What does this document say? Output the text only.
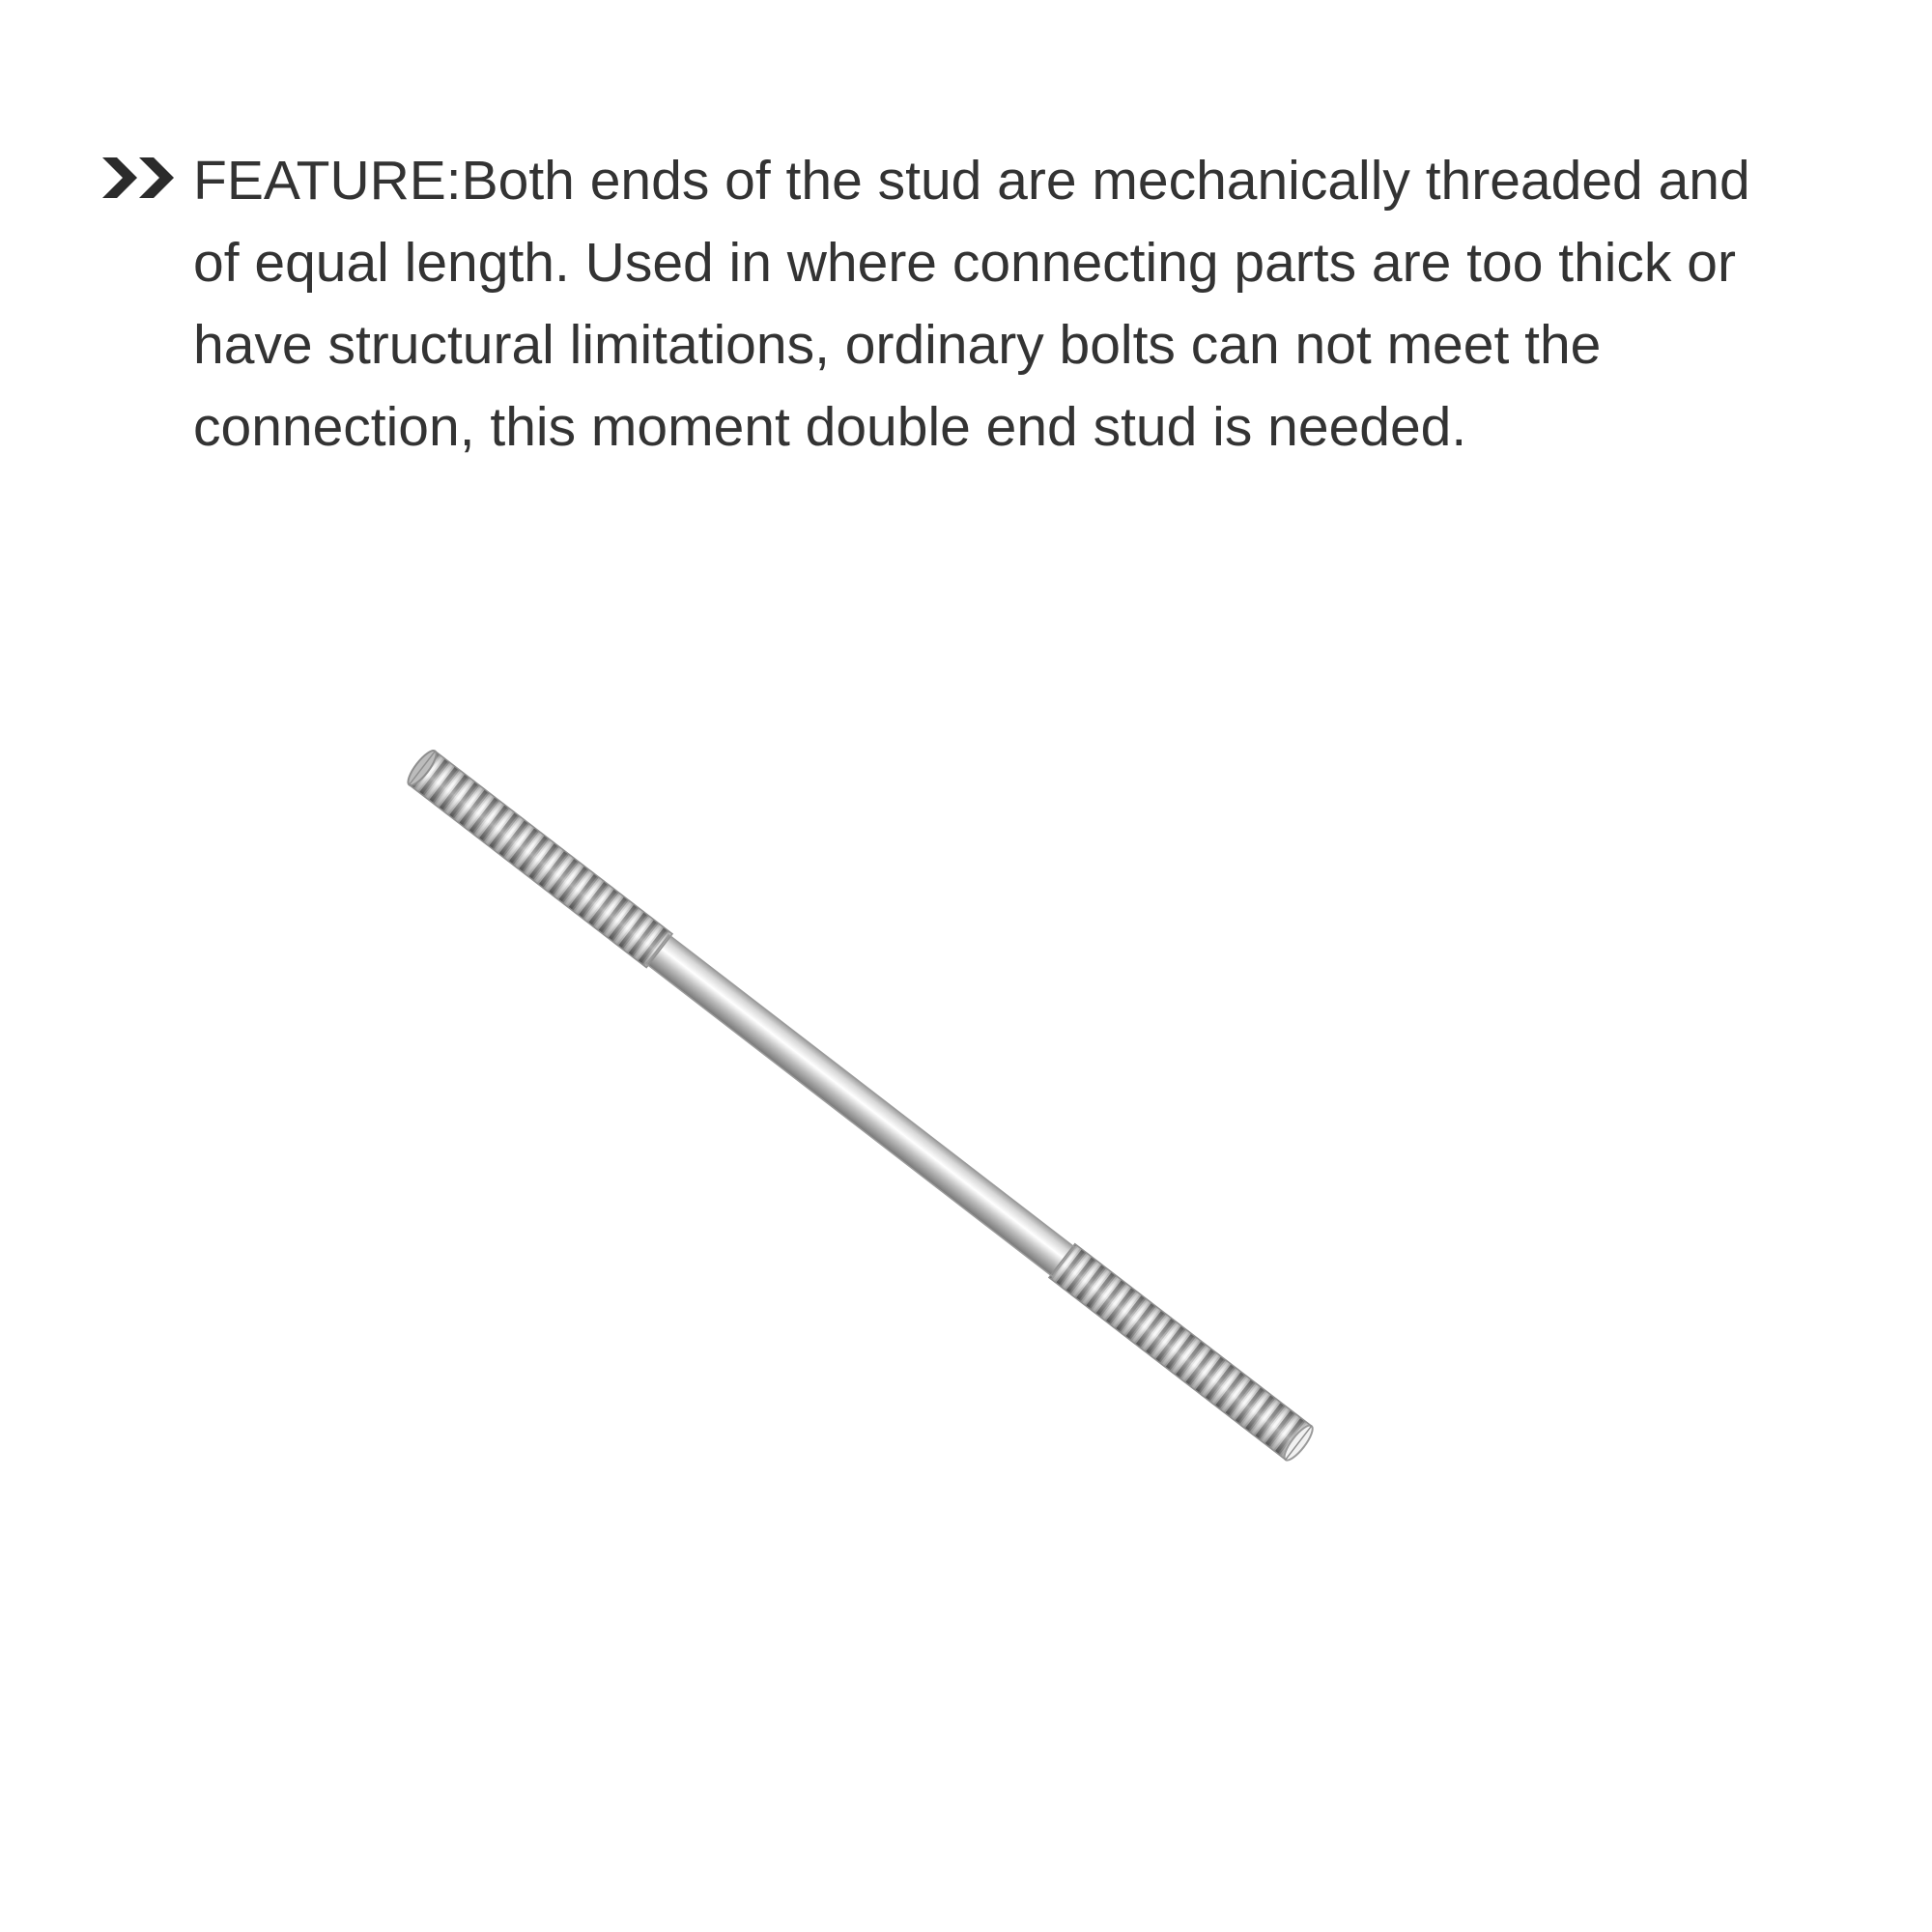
FEATURE:Both ends of the stud are mechanically threaded and
of equal length. Used in where connecting parts are too thick or
have structural limitations, ordinary bolts can not meet the
connection, this moment double end stud is needed.
